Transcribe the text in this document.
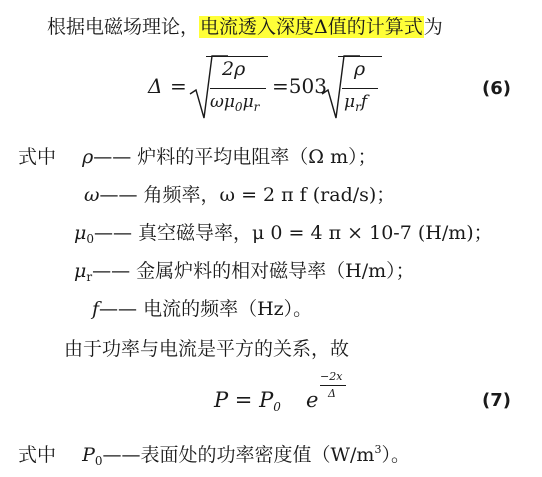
根据电磁场理论，电流透入深度Δ值的计算式为
Δ =
2ρ
$\omega\mu_0\mu_r$
=503
ρ
$\mu_rf$
(6)
式中 ρ—— 炉料的平均电阻率（Ω m）；
ω—— 角频率，ω = 2 π f (rad/s)；
$\mu_0——$ 真空磁导率，μ 0 = 4 π × 10-7 (H/m)；
$\mu_r——$ 金属炉料的相对磁导率（H/m）；
f—— 电流的频率（Hz）。
由于功率与电流是平方的关系，故
P = P0 e
−2x
Δ	(7)
式中 $P_0——$表面处的功率密度值$(W/m^3)$。
